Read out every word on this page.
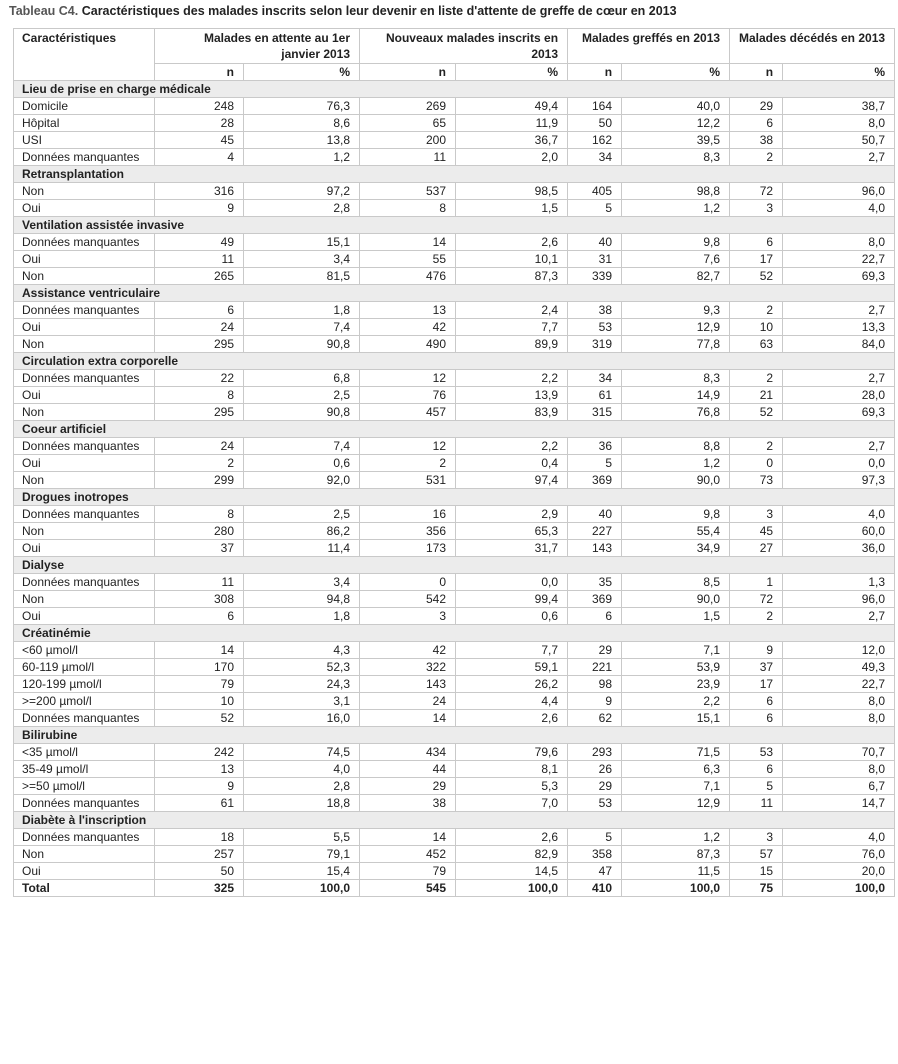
Tableau C4. Caractéristiques des malades inscrits selon leur devenir en liste d'attente de greffe de cœur en 2013
Caractéristiques	Malades en attente au 1er janvier 2013		Nouveaux malades inscrits en 2013		Malades greffés en 2013		Malades décédés en 2013	
	n	%	n	%	n	%	n	%
Lieu de prise en charge médicale								
Domicile	248	76,3	269	49,4	164	40,0	29	38,7
Hôpital	28	8,6	65	11,9	50	12,2	6	8,0
USI	45	13,8	200	36,7	162	39,5	38	50,7
Données manquantes	4	1,2	11	2,0	34	8,3	2	2,7
Retransplantation								
Non	316	97,2	537	98,5	405	98,8	72	96,0
Oui	9	2,8	8	1,5	5	1,2	3	4,0
Ventilation assistée invasive								
Données manquantes	49	15,1	14	2,6	40	9,8	6	8,0
Oui	11	3,4	55	10,1	31	7,6	17	22,7
Non	265	81,5	476	87,3	339	82,7	52	69,3
Assistance ventriculaire								
Données manquantes	6	1,8	13	2,4	38	9,3	2	2,7
Oui	24	7,4	42	7,7	53	12,9	10	13,3
Non	295	90,8	490	89,9	319	77,8	63	84,0
Circulation extra corporelle								
Données manquantes	22	6,8	12	2,2	34	8,3	2	2,7
Oui	8	2,5	76	13,9	61	14,9	21	28,0
Non	295	90,8	457	83,9	315	76,8	52	69,3
Coeur artificiel								
Données manquantes	24	7,4	12	2,2	36	8,8	2	2,7
Oui	2	0,6	2	0,4	5	1,2	0	0,0
Non	299	92,0	531	97,4	369	90,0	73	97,3
Drogues inotropes								
Données manquantes	8	2,5	16	2,9	40	9,8	3	4,0
Non	280	86,2	356	65,3	227	55,4	45	60,0
Oui	37	11,4	173	31,7	143	34,9	27	36,0
Dialyse								
Données manquantes	11	3,4	0	0,0	35	8,5	1	1,3
Non	308	94,8	542	99,4	369	90,0	72	96,0
Oui	6	1,8	3	0,6	6	1,5	2	2,7
Créatinémie								
<60 µmol/l	14	4,3	42	7,7	29	7,1	9	12,0
60-119 µmol/l	170	52,3	322	59,1	221	53,9	37	49,3
120-199 µmol/l	79	24,3	143	26,2	98	23,9	17	22,7
>=200 µmol/l	10	3,1	24	4,4	9	2,2	6	8,0
Données manquantes	52	16,0	14	2,6	62	15,1	6	8,0
Bilirubine								
<35 µmol/l	242	74,5	434	79,6	293	71,5	53	70,7
35-49 µmol/l	13	4,0	44	8,1	26	6,3	6	8,0
>=50 µmol/l	9	2,8	29	5,3	29	7,1	5	6,7
Données manquantes	61	18,8	38	7,0	53	12,9	11	14,7
Diabète à l'inscription								
Données manquantes	18	5,5	14	2,6	5	1,2	3	4,0
Non	257	79,1	452	82,9	358	87,3	57	76,0
Oui	50	15,4	79	14,5	47	11,5	15	20,0
Total	325	100,0	545	100,0	410	100,0	75	100,0
